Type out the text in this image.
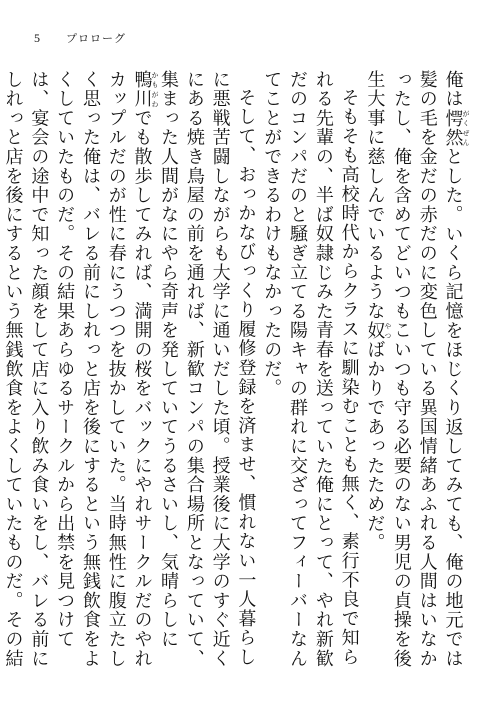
5 プロローグ

俺は愕然がくぜんとした。いくら記憶をほじくり返してみても、俺の地元では髪の毛を金だの赤だのに変色している異国情緒あふれる人間はいなかったし、俺を含めてどいつもこいつも守る必要のない男児の貞操を後生大事に慈しんでいるような奴やつばかりであったためだ。

そもそも高校時代からクラスに馴染むことも無く、素行不良で知られる先輩の、半ば奴隷じみた青春を送っていた俺にとって、やれ新歓だのコンパだのと騒ぎ立てる陽キャの群れに交ざってフィーバーなんてことができるわけもなかったのだ。

そして、おっかなびっくり履修登録を済ませ、慣れない一人暮らしに悪戦苦闘しながらも大学に通いだした頃。授業後に大学のすぐ近くにある焼き鳥屋の前を通れば、新歓コンパの集合場所となっていて、集まった人間がなにやら奇声を発していてうるさいし、気晴らしに鴨川かもがわでも散歩してみれば、満開の桜をバックにやれサークルだのやれカップルだのが性に春にうつつを抜かしていた。当時無性に腹立たしく思った俺は、バレる前にしれっと店を後にするという無銭飲食をよくしていたものだ。その結果あらゆるサークルから出禁を見つけては、宴会の途中で知った顔をして店に入り飲み食いをし、バレる前にしれっと店を後にするという無銭飲食をよくしていたものだ。その結
